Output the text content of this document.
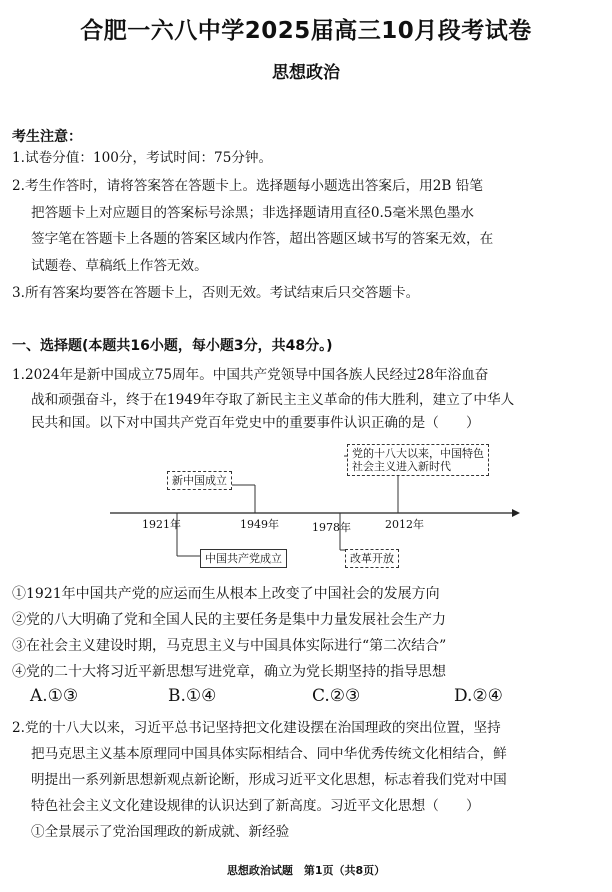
合肥一六八中学2025届高三10月段考试卷
思想政治
考生注意：
1.试卷分值：100分，考试时间：75分钟。
2.考生作答时，请将答案答在答题卡上。选择题每小题选出答案后，用2B 铅笔
把答题卡上对应题目的答案标号涂黑；非选择题请用直径0.5毫米黑色墨水
签字笔在答题卡上各题的答案区域内作答，超出答题区域书写的答案无效，在
试题卷、草稿纸上作答无效。
3.所有答案均要答在答题卡上，否则无效。考试结束后只交答题卡。
一、选择题(本题共16小题，每小题3分，共48分。)
1.2024年是新中国成立75周年。中国共产党领导中国各族人民经过28年浴血奋
战和顽强奋斗，终于在1949年夺取了新民主主义革命的伟大胜利，建立了中华人
民共和国。以下对中国共产党百年党史中的重要事件认识正确的是（　　）
新中国成立
党的十八大以来，中国特色
社会主义进入新时代
中国共产党成立	改革开放
1921年	1949年	1978年	2012年
①1921年中国共产党的应运而生从根本上改变了中国社会的发展方向
②党的八大明确了党和全国人民的主要任务是集中力量发展社会生产力
③在社会主义建设时期，马克思主义与中国具体实际进行“第二次结合”
④党的二十大将习近平新思想写进党章，确立为党长期坚持的指导思想
A.①③	B.①④	C.②③	D.②④
2.党的十八大以来，习近平总书记坚持把文化建设摆在治国理政的突出位置，坚持
把马克思主义基本原理同中国具体实际相结合、同中华优秀传统文化相结合，鲜
明提出一系列新思想新观点新论断，形成习近平文化思想，标志着我们党对中国
特色社会主义文化建设规律的认识达到了新高度。习近平文化思想（　　）
①全景展示了党治国理政的新成就、新经验
思想政治试题　第1页（共8页）
